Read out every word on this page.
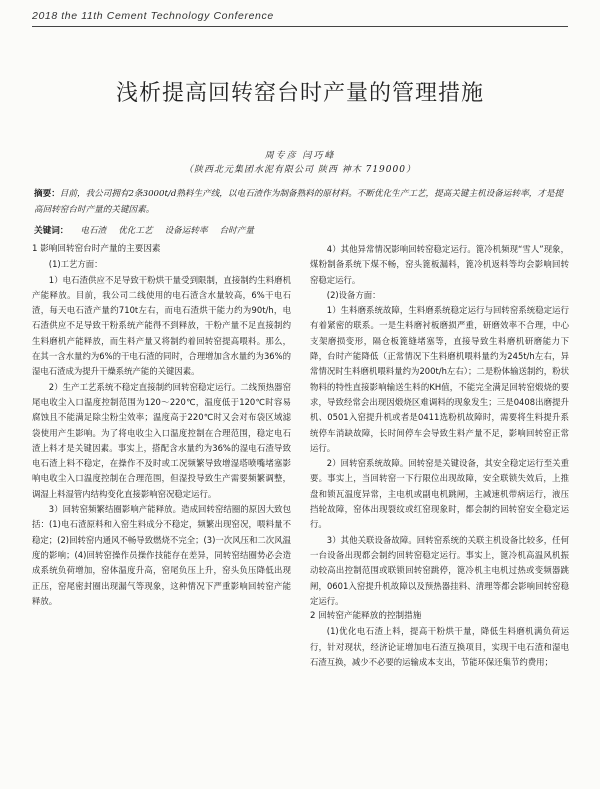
2018 the 11th Cement Technology Conference
浅析提高回转窑台时产量的管理措施
周专彦 闫巧峰
（陕西北元集团水泥有限公司 陕西 神木 719000）
摘要：目前，我公司拥有2条3000t/d熟料生产线，以电石渣作为制备熟料的原材料。不断优化生产工艺，提高关键主机设备运转率，才是提高回转窑台时产量的关键因素。
关键词： 电石渣 优化工艺 设备运转率 台时产量
1 影响回转窑台时产量的主要因素
(1)工艺方面：

1）电石渣供应不足导致干粉烘干量受到限制，直接制约生料磨机产能释放。目前，我公司二线使用的电石渣含水量较高，6%干电石渣，每天电石渣产量约710t左右，而电石渣烘干能力约为90t/h，电石渣供应不足导致干粉系统产能得不到释放，干粉产量不足直接制约生料磨机产能释放，而生料产量又将制约着回转窑提高喂料。那么，在其一含水量约为6%的干电石渣的同时，合理增加含水量约为36%的湿电石渣成为提升干燥系统产能的关键因素。

2）生产工艺系统不稳定直接制约回转窑稳定运行。二线预热器窑尾电收尘入口温度控制范围为120～220℃，温度低于120℃时容易腐蚀且不能满足除尘粉尘效率；温度高于220℃时又会对布袋区域滤袋使用产生影响。为了将电收尘入口温度控制在合理范围，稳定电石渣上料才是关键因素。事实上，搭配含水量约为36%的湿电石渣导致电石渣上料不稳定，在操作不及时或工况频繁导致增湿塔喷嘴堵塞影响电收尘入口温度控制在合理范围，但湿投导致生产需要频繁调整，调湿上料湿管内结构变化直接影响窑况稳定运行。

3）回转窑频繁结圈影响产能释放。造成回转窑结圈的原因大致包括：(1)电石渣原料和入窑生料成分不稳定，频繁出现窑况，喂料量不稳定；(2)回转窑内通风不畅导致燃烧不完全；(3)一次风压和二次风温度的影响；(4)回转窑操作员操作技能存在差异，同转窑结圈势必会造成系统负荷增加，窑体温度升高，窑尾负压上升，窑头负压降低出现正压，窑尾密封圈出现漏气等现象，这种情况下严重影响回转窑产能释放。

4）其他异常情况影响回转窑稳定运行。篦冷机频现“雪人”现象，煤粉制备系统下煤不畅，窑头篦板漏料，篦冷机返料等均会影响回转窑稳定运行。

(2)设备方面：

1）生料磨系统故障，生料磨系统稳定运行与回转窑系统稳定运行有着紧密的联系。一是生料磨衬板磨损严重，研磨效率不合理，中心支架磨损变形，隔仓板篦缝堵塞等，直接导致生料磨机研磨能力下降，台时产能降低（正常情况下生料磨机喂料量约为245t/h左右，异常情况时生料磨机喂料量约为200t/h左右）；二是粉体输送制约，粉状物料的特性直接影响输送生料的KH值，不能完全满足回转窑煅烧的要求，导致经常会出现因煅烧区难调料的现象发生；三是0408出磨提升机、0501入窑提升机或者是0411选粉机故障时，需要将生料提升系统停车消缺故障，长时间停车会导致生料产量不足，影响回转窑正常运行。

2）回转窑系统故障。回转窑是关键设备，其安全稳定运行至关重要。事实上，当回转窑一下行限位出现故障，安全联锁失效后，上推盘和锁瓦温度异常，主电机或副电机跳闸，主减速机带病运行，液压挡轮故障，窑体出现裂纹或红窑现象时，都会制约回转窑安全稳定运行。

3）其他关联设备故障。回转窑系统的关联主机设备比较多，任何一台设备出现都会制约回转窑稳定运行。事实上，篦冷机高温风机振动较高出控制范围或联锁回转窑跳停，篦冷机主电机过热或变频器跳闸，0601入窑提升机故障以及预热器挂料、清理等都会影响回转窑稳定运行。

2 回转窑产能释放的控制措施

(1)优化电石渣上料，提高干粉烘干量，降低生料磨机满负荷运行，针对现状，经济论证增加电石渣互换项目，实现干电石渣和湿电石渣互换，减少不必要的运输成本支出，节能环保还集节约费用；
